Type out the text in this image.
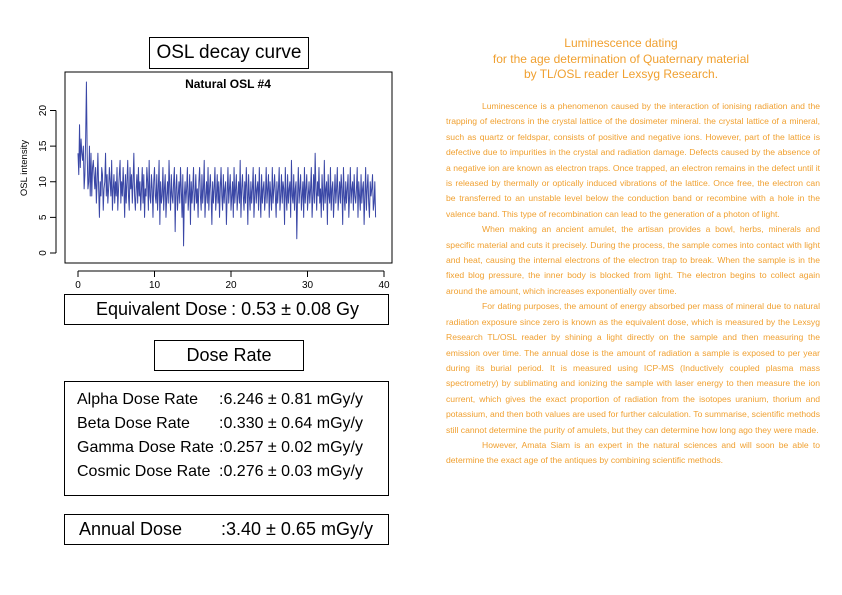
OSL decay curve
Natural OSL #4
OSL intensity
0
5
10
15
20
0	10	20	30	40
Equivalent Dose : 0.53 ± 0.08 Gy
Dose Rate
Alpha Dose Rate :6.246 ± 0.81 mGy/y
Beta Dose Rate :0.330 ± 0.64 mGy/y
Gamma Dose Rate :0.257 ± 0.02 mGy/y
Cosmic Dose Rate :0.276 ± 0.03 mGy/y
Annual Dose	:3.40 ± 0.65 mGy/y
Luminescence dating
for the age determination of Quaternary material
by TL/OSL reader Lexsyg Research.

Luminescence is a phenomenon caused by the interaction of ionising radiation and the trapping of electrons in the crystal lattice of the dosimeter mineral. the crystal lattice of a mineral, such as quartz or feldspar, consists of positive and negative ions. However, part of the lattice is defective due to impurities in the crystal and radiation damage. Defects caused by the absence of a negative ion are known as electron traps. Once trapped, an electron remains in the defect until it is released by thermally or optically induced vibrations of the lattice. Once free, the electron can be transferred to an unstable level below the conduction band or recombine with a hole in the valence band. This type of recombination can lead to the generation of a photon of light.

When making an ancient amulet, the artisan provides a bowl, herbs, minerals and specific material and cuts it precisely. During the process, the sample comes into contact with light and heat, causing the internal electrons of the electron trap to break. When the sample is in the fixed blog pressure, the inner body is blocked from light. The electron begins to collect again around the amount, which increases exponentially over time.

For dating purposes, the amount of energy absorbed per mass of mineral due to natural radiation exposure since zero is known as the equivalent dose, which is measured by the Lexsyg Research TL/OSL reader by shining a light directly on the sample and then measuring the emission over time. The annual dose is the amount of radiation a sample is exposed to per year during its burial period. It is measured using ICP-MS (Inductively coupled plasma mass spectrometry) by sublimating and ionizing the sample with laser energy to then measure the ion current, which gives the exact proportion of radiation from the isotopes uranium, thorium and potassium, and then both values are used for further calculation. To summarise, scientific methods still cannot determine the purity of amulets, but they can determine how long ago they were made.

However, Amata Siam is an expert in the natural sciences and will soon be able to determine the exact age of the antiques by combining scientific methods.
